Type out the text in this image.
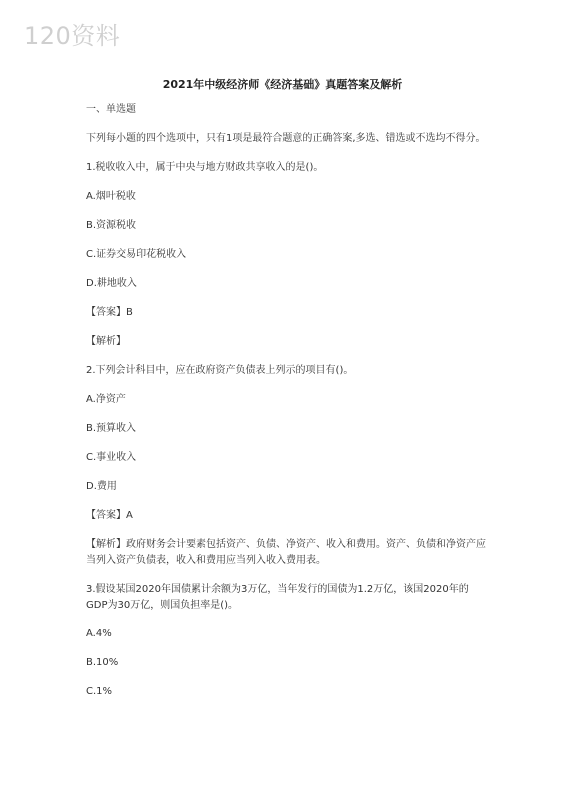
120资料
2021年中级经济师《经济基础》真题答案及解析
一、单选题
下列每小题的四个选项中，只有1项是最符合题意的正确答案,多选、错选或不选均不得分。
1.税收收入中，属于中央与地方财政共享收入的是()。
A.烟叶税收
B.资源税收
C.证券交易印花税收入
D.耕地收入
【答案】B
【解析】
2.下列会计科目中，应在政府资产负债表上列示的项目有()。
A.净资产
B.预算收入
C.事业收入
D.费用
【答案】A
【解析】政府财务会计要素包括资产、负债、净资产、收入和费用。资产、负债和净资产应当列入资产负债表，收入和费用应当列入收入费用表。
3.假设某国2020年国债累计余额为3万亿，当年发行的国债为1.2万亿，该国2020年的GDP为30万亿，则国负担率是()。
A.4%
B.10%
C.1%
